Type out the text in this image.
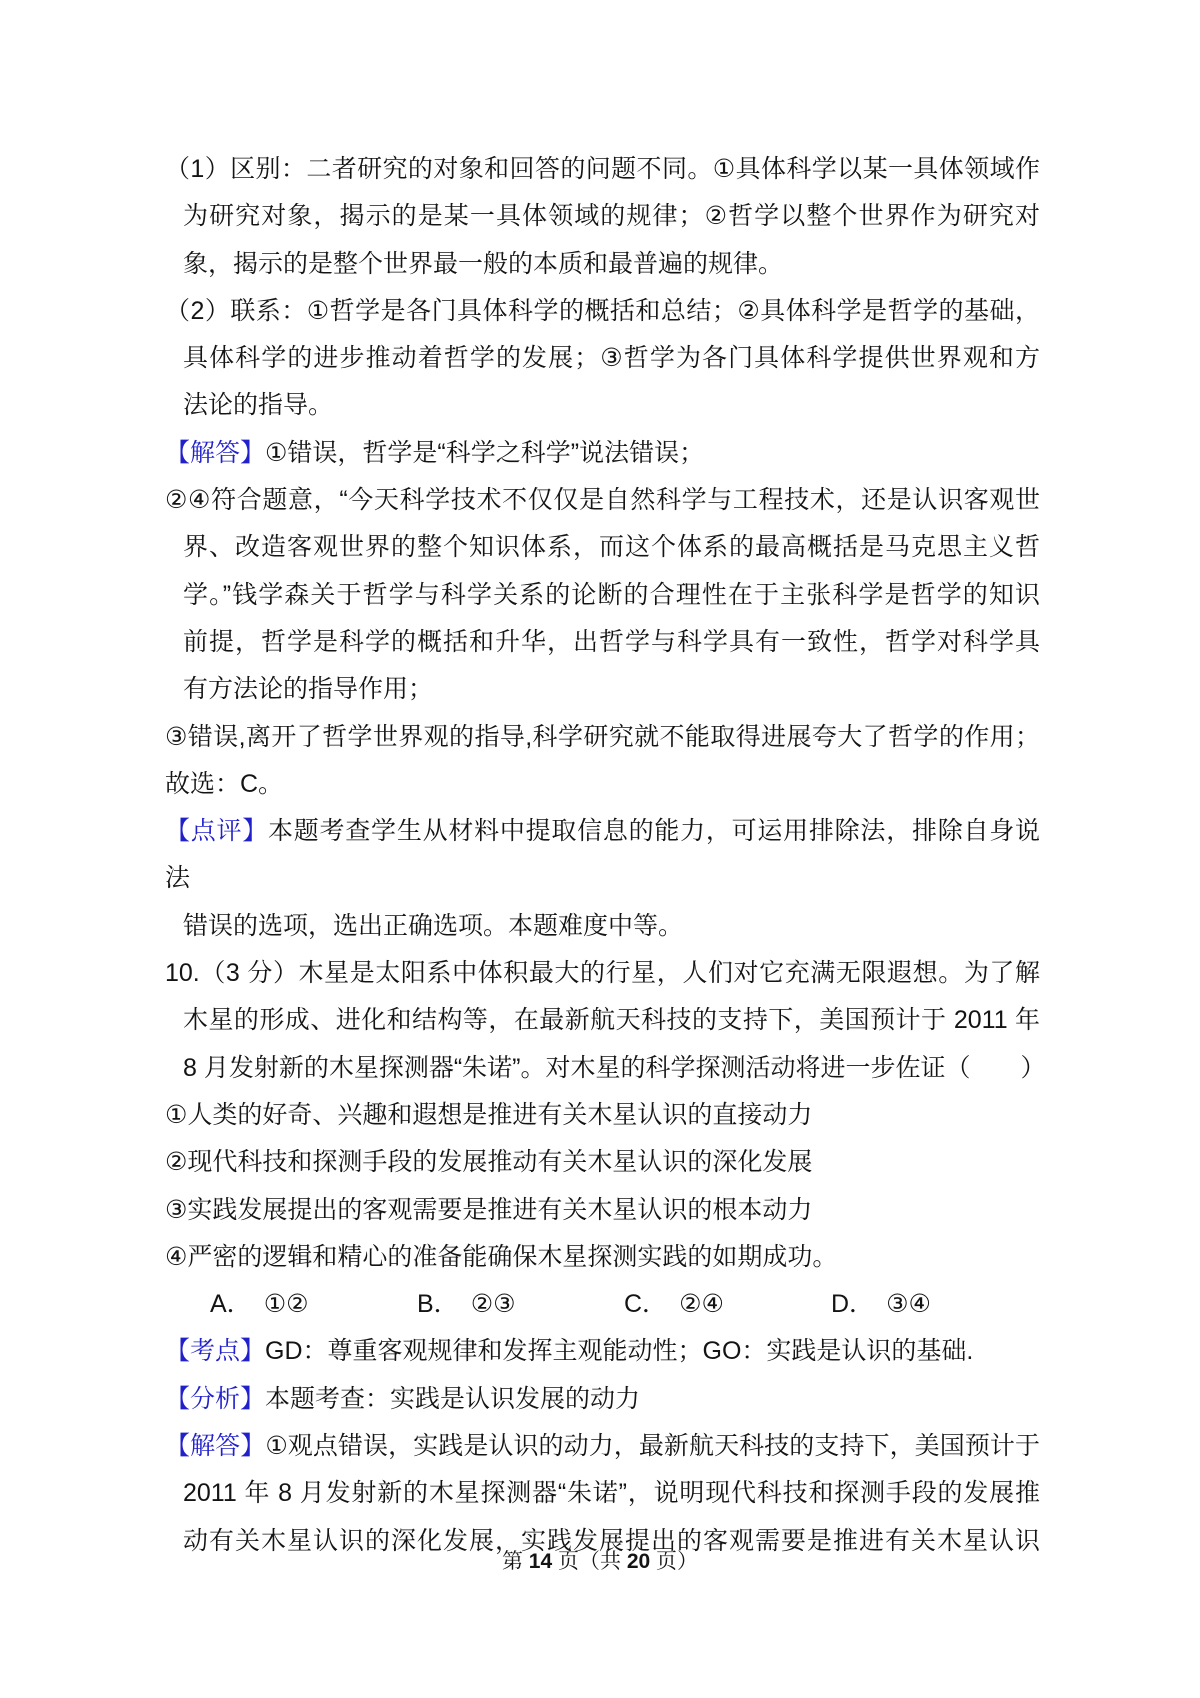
（1）区别：二者研究的对象和回答的问题不同。①具体科学以某一具体领域作

为研究对象，揭示的是某一具体领域的规律；②哲学以整个世界作为研究对

象，揭示的是整个世界最一般的本质和最普遍的规律。

（2）联系：①哲学是各门具体科学的概括和总结；②具体科学是哲学的基础，

具体科学的进步推动着哲学的发展；③哲学为各门具体科学提供世界观和方

法论的指导。

【解答】①错误，哲学是“科学之科学”说法错误；

②④符合题意，“今天科学技术不仅仅是自然科学与工程技术，还是认识客观世

界、改造客观世界的整个知识体系，而这个体系的最高概括是马克思主义哲

学。”钱学森关于哲学与科学关系的论断的合理性在于主张科学是哲学的知识

前提，哲学是科学的概括和升华，出哲学与科学具有一致性，哲学对科学具

有方法论的指导作用；

③错误,离开了哲学世界观的指导,科学研究就不能取得进展夸大了哲学的作用；

故选：C。

【点评】本题考查学生从材料中提取信息的能力，可运用排除法，排除自身说法

错误的选项，选出正确选项。本题难度中等。

10.（3 分）木星是太阳系中体积最大的行星，人们对它充满无限遐想。为了解

木星的形成、进化和结构等，在最新航天科技的支持下，美国预计于 2011 年

8 月发射新的木星探测器“朱诺”。对木星的科学探测活动将进一步佐证（　　）

①人类的好奇、兴趣和遐想是推进有关木星认识的直接动力

②现代科技和探测手段的发展推动有关木星认识的深化发展

③实践发展提出的客观需要是推进有关木星认识的根本动力

④严密的逻辑和精心的准备能确保木星探测实践的如期成功。

A． ①②	B． ②③	C． ②④	D． ③④

【考点】GD：尊重客观规律和发挥主观能动性；GO：实践是认识的基础.

【分析】本题考查：实践是认识发展的动力

【解答】①观点错误，实践是认识的动力，最新航天科技的支持下，美国预计于

2011 年 8 月发射新的木星探测器“朱诺”，说明现代科技和探测手段的发展推

动有关木星认识的深化发展，实践发展提出的客观需要是推进有关木星认识

第 14 页（共 20 页）
